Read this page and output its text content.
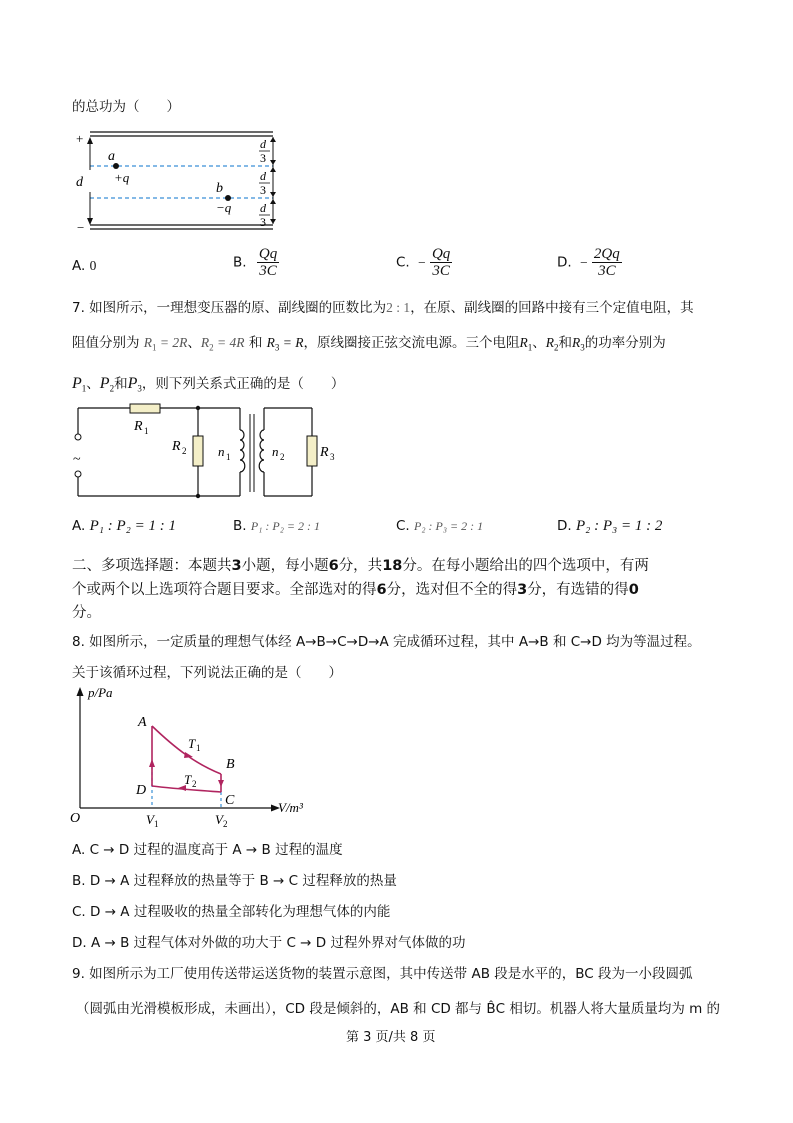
的总功为（　　）
+
−
d
a
+q
b
−q
d
3
d
3
d
3
A. 0	B. $\frac{Qq}{3C}$	C. − $\frac{Qq}{3C}$	D. − $\frac{2Qq}{3C}$
7. 如图所示，一理想变压器的原、副线圈的匝数比为2 : 1，在原、副线圈的回路中接有三个定值电阻，其
阻值分别为 $R_1 = 2R$、$R_2 = 4R$ 和 $R_3 = R$，原线圈接正弦交流电源。三个电阻$R_1$、$R_2$和$R_3$的功率分别为
$P_1$、$P_2$和$P_3$，则下列关系式正确的是（　　）
~
R 1
R 2 n 1	n 2	R 3
A. P₁ : P₂ = 1 : 1	B. P₁ : P₂ = 2 : 1	C. P₂ : P₃ = 2 : 1	D. P₂ : P₃ = 1 : 2
二、多项选择题：本题共3小题，每小题6分，共18分。在每小题给出的四个选项中，有两
个或两个以上选项符合题目要求。全部选对的得6分，选对但不全的得3分，有选错的得0
分。
8. 如图所示，一定质量的理想气体经 A→B→C→D→A 完成循环过程，其中 A→B 和 C→D 均为等温过程。
关于该循环过程，下列说法正确的是（　　）
p/Pa
V/m³
O
A
B
C
D
T 1
T 2
V 1	V 2
A. C → D 过程的温度高于 A → B 过程的温度
B. D → A 过程释放的热量等于 B → C 过程释放的热量
C. D → A 过程吸收的热量全部转化为理想气体的内能
D. A → B 过程气体对外做的功大于 C → D 过程外界对气体做的功
9. 如图所示为工厂使用传送带运送货物的装置示意图，其中传送带 AB 段是水平的，BC 段为一小段圆弧
（圆弧由光滑模板形成，未画出），CD 段是倾斜的，AB 和 CD 都与 B̂C 相切。机器人将大量质量均为 m 的
第 3 页/共 8 页
